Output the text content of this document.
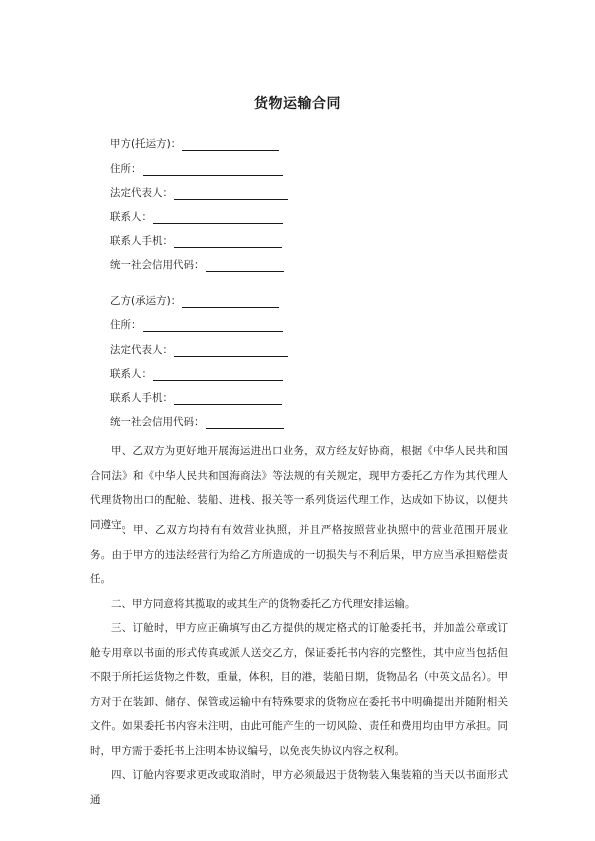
货物运输合同
甲方(托运方)：
住所：
法定代表人：
联系人：
联系人手机：
统一社会信用代码：
乙方(承运方)：
住所：
法定代表人：
联系人：
联系人手机：
统一社会信用代码：

甲、乙双方为更好地开展海运进出口业务，双方经友好协商，根据《中华人民共和国合同法》和《中华人民共和国海商法》等法规的有关规定，现甲方委托乙方作为其代理人代理货物出口的配舱、装船、进栈、报关等一系列货运代理工作，达成如下协议，以便共同遵守。

一、甲、乙双方均持有有效营业执照，并且严格按照营业执照中的营业范围开展业务。由于甲方的违法经营行为给乙方所造成的一切损失与不利后果，甲方应当承担赔偿责任。

二、甲方同意将其揽取的或其生产的货物委托乙方代理安排运输。

三、订舱时，甲方应正确填写由乙方提供的规定格式的订舱委托书，并加盖公章或订舱专用章以书面的形式传真或派人送交乙方，保证委托书内容的完整性，其中应当包括但不限于所托运货物之件数，重量，体积，目的港，装船日期，货物品名（中英文品名）。甲方对于在装卸、储存、保管或运输中有特殊要求的货物应在委托书中明确提出并随附相关文件。如果委托书内容未注明，由此可能产生的一切风险、责任和费用均由甲方承担。同时，甲方需于委托书上注明本协议编号，以免丧失协议内容之权利。

四、订舱内容要求更改或取消时，甲方必须最迟于货物装入集装箱的当天以书面形式通
